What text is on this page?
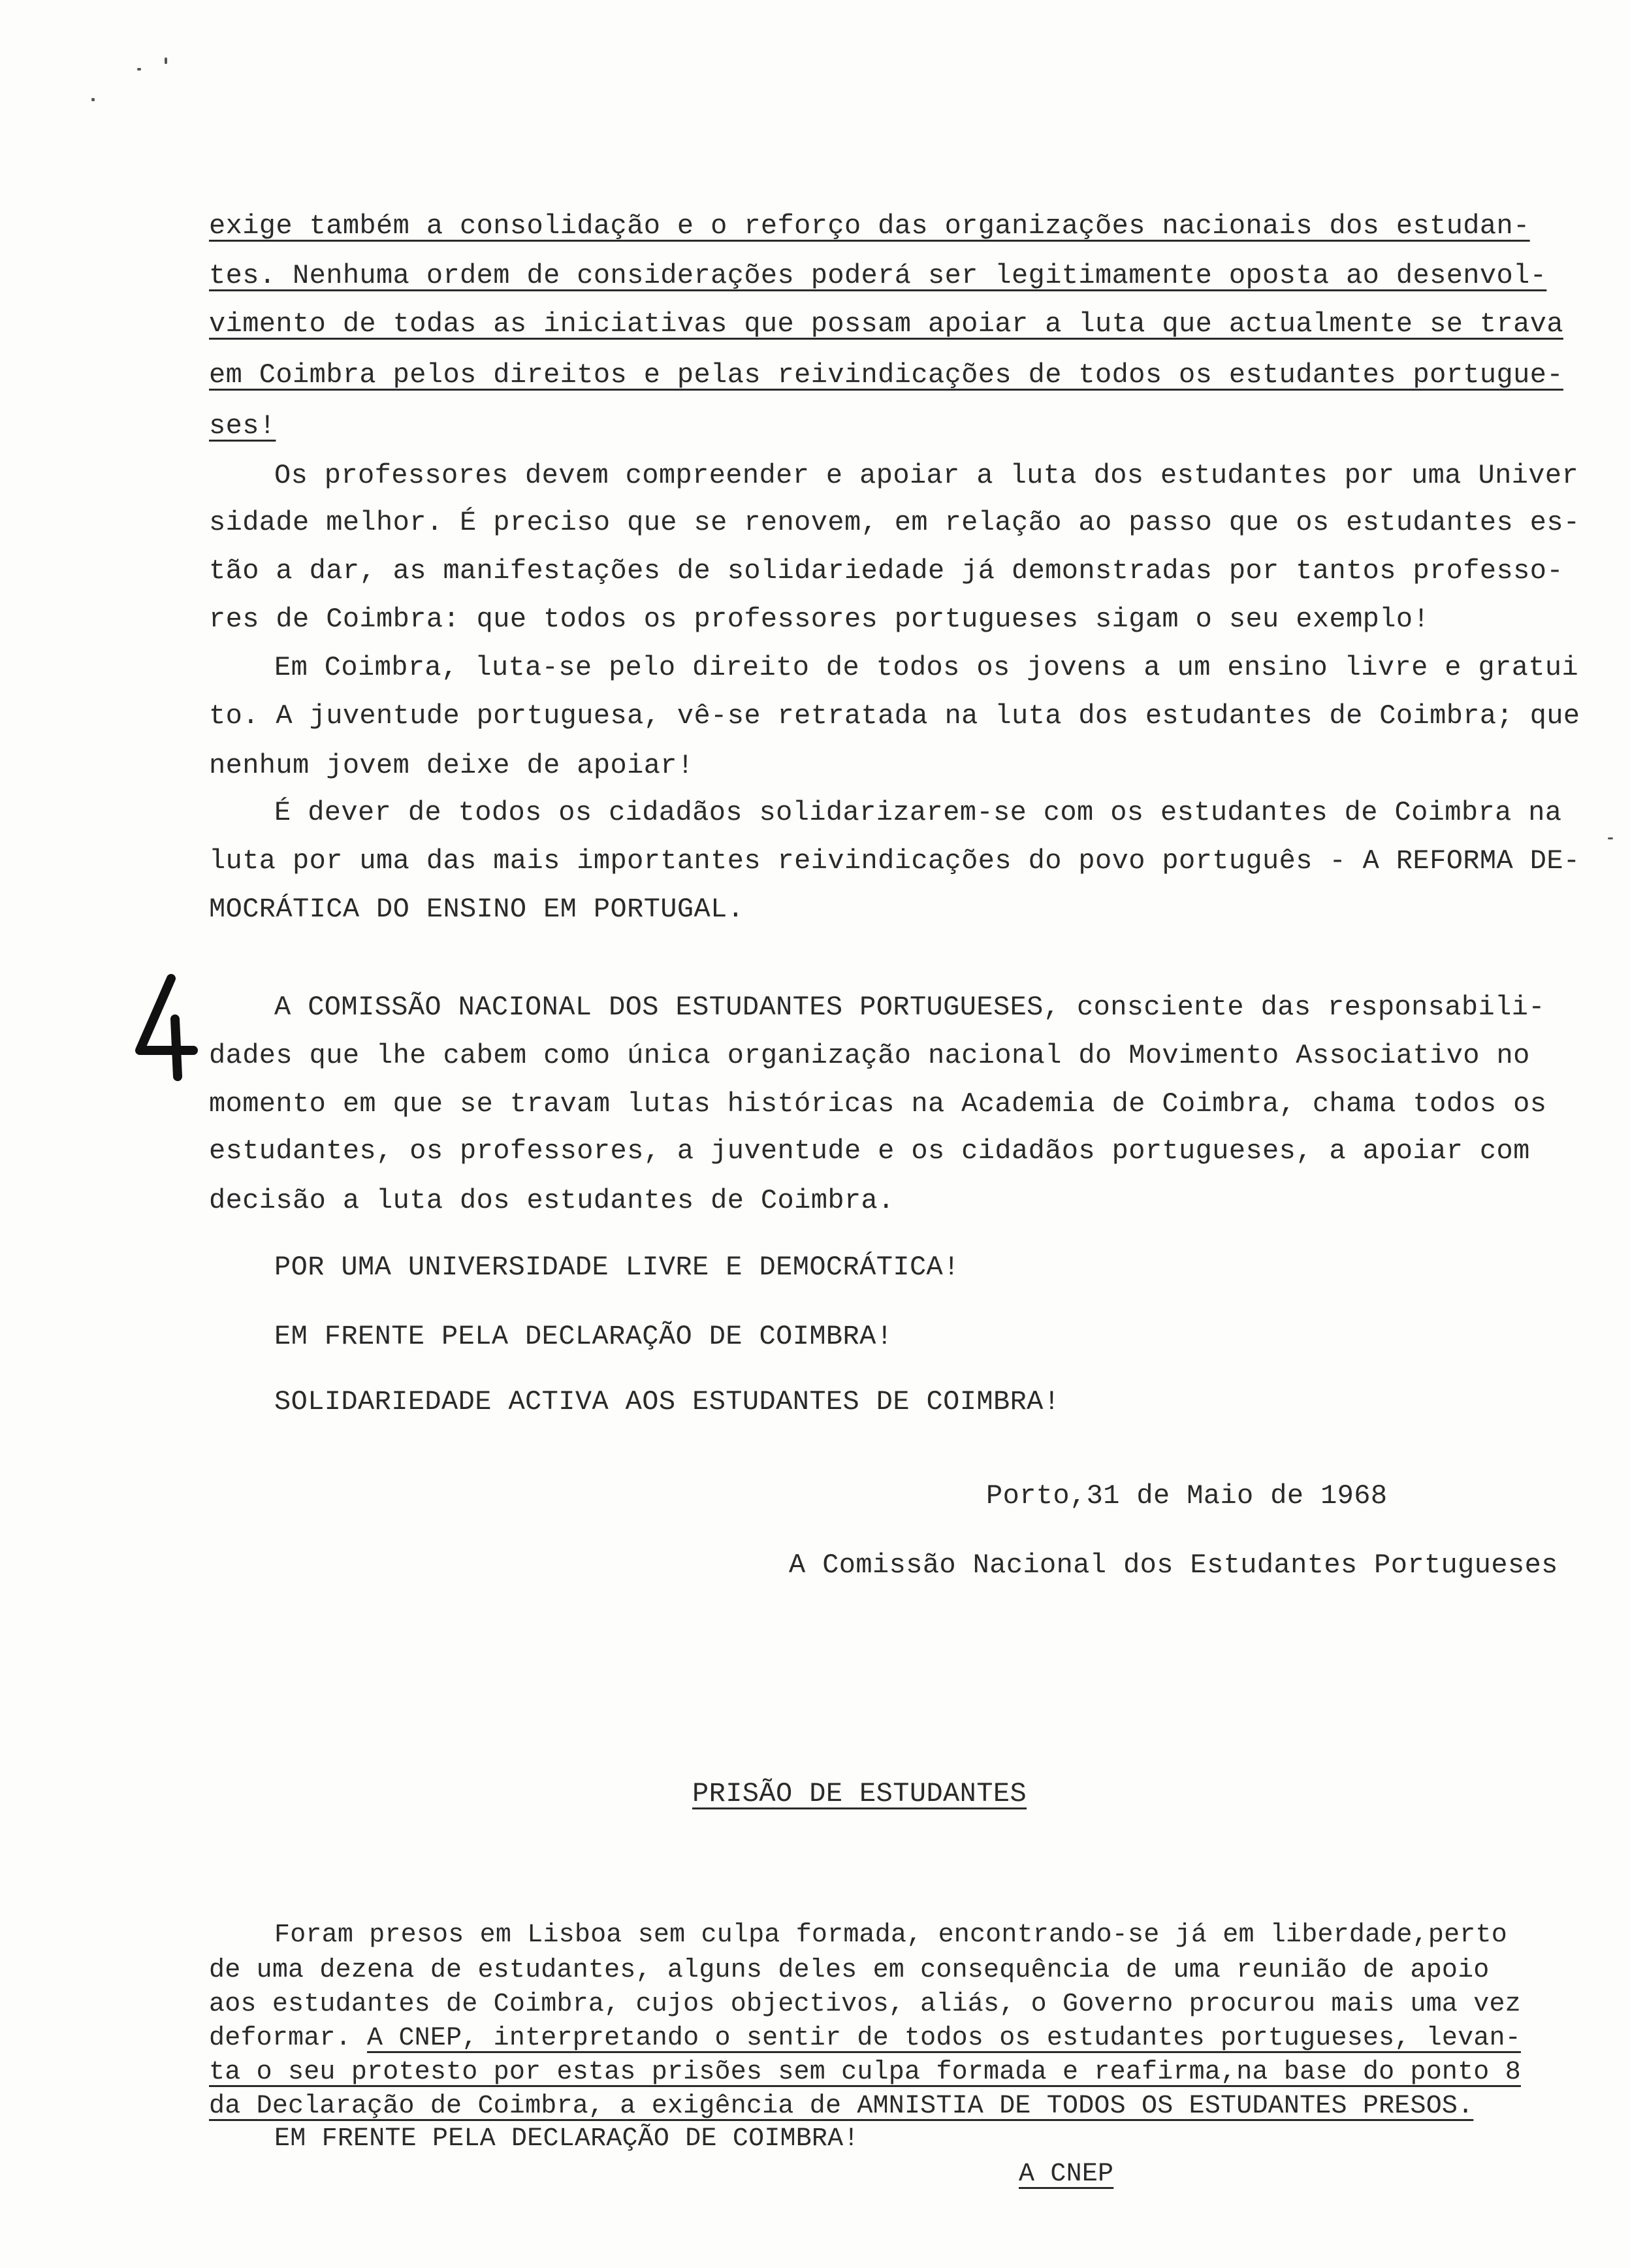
exige também a consolidação e o reforço das organizações nacionais dos estudan-
tes. Nenhuma ordem de considerações poderá ser legitimamente oposta ao desenvol-
vimento de todas as iniciativas que possam apoiar a luta que actualmente se trava
em Coimbra pelos direitos e pelas reivindicações de todos os estudantes portugue-
ses!
Os professores devem compreender e apoiar a luta dos estudantes por uma Univer
sidade melhor. É preciso que se renovem, em relação ao passo que os estudantes es-
tão a dar, as manifestações de solidariedade já demonstradas por tantos professo-
res de Coimbra: que todos os professores portugueses sigam o seu exemplo!
Em Coimbra, luta-se pelo direito de todos os jovens a um ensino livre e gratui
to. A juventude portuguesa, vê-se retratada na luta dos estudantes de Coimbra; que
nenhum jovem deixe de apoiar!
É dever de todos os cidadãos solidarizarem-se com os estudantes de Coimbra na
luta por uma das mais importantes reivindicações do povo português - A REFORMA DE-
MOCRÁTICA DO ENSINO EM PORTUGAL.
A COMISSÃO NACIONAL DOS ESTUDANTES PORTUGUESES, consciente das responsabili-
dades que lhe cabem como única organização nacional do Movimento Associativo no
momento em que se travam lutas históricas na Academia de Coimbra, chama todos os
estudantes, os professores, a juventude e os cidadãos portugueses, a apoiar com
decisão a luta dos estudantes de Coimbra.
POR UMA UNIVERSIDADE LIVRE E DEMOCRÁTICA!
EM FRENTE PELA DECLARAÇÃO DE COIMBRA!
SOLIDARIEDADE ACTIVA AOS ESTUDANTES DE COIMBRA!
Porto,31 de Maio de 1968
A Comissão Nacional dos Estudantes Portugueses
PRISÃO DE ESTUDANTES
Foram presos em Lisboa sem culpa formada, encontrando-se já em liberdade,perto
de uma dezena de estudantes, alguns deles em consequência de uma reunião de apoio
aos estudantes de Coimbra, cujos objectivos, aliás, o Governo procurou mais uma vez
deformar. A CNEP, interpretando o sentir de todos os estudantes portugueses, levan-
ta o seu protesto por estas prisões sem culpa formada e reafirma,na base do ponto 8
da Declaração de Coimbra, a exigência de AMNISTIA DE TODOS OS ESTUDANTES PRESOS.
EM FRENTE PELA DECLARAÇÃO DE COIMBRA!
A CNEP
